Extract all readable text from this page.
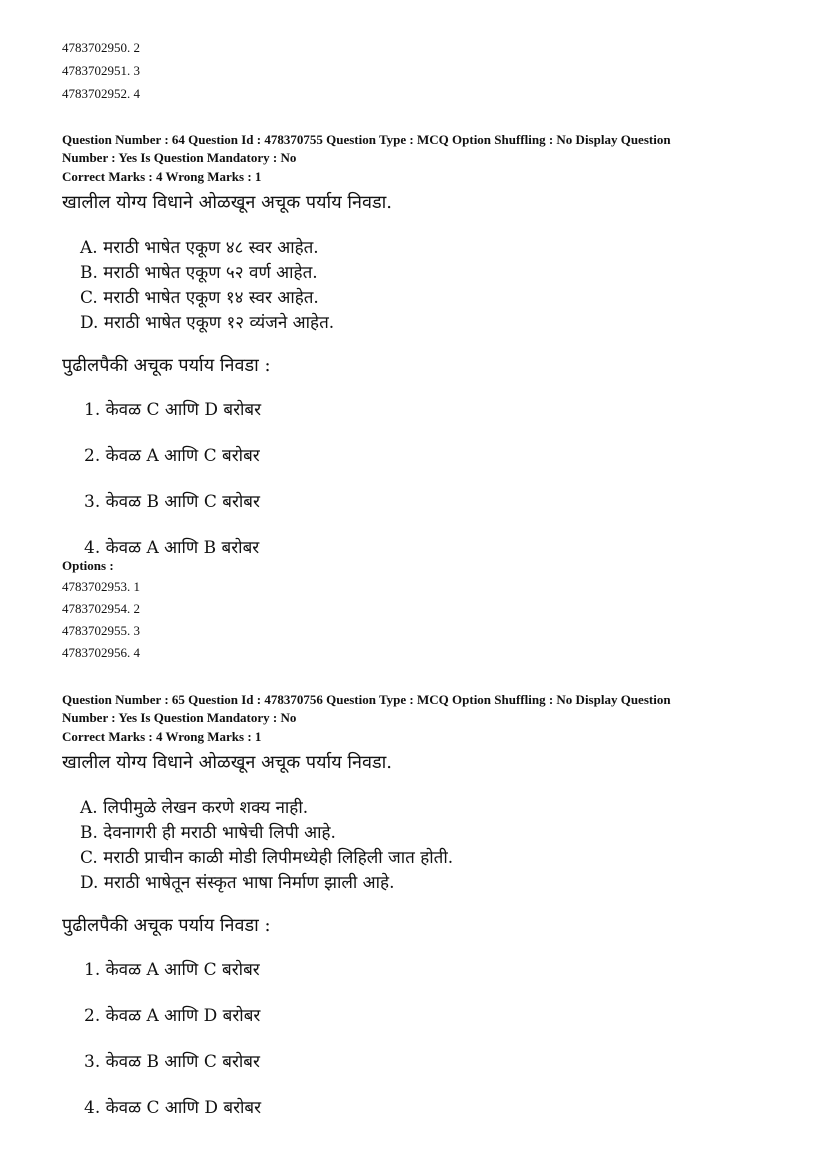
4783702950. 2

4783702951. 3

4783702952. 4

Question Number : 64 Question Id : 478370755 Question Type : MCQ Option Shuffling : No Display Question

Number : Yes Is Question Mandatory : No

Correct Marks : 4 Wrong Marks : 1

खालील योग्य विधाने ओळखून अचूक पर्याय निवडा.

A. मराठी भाषेत एकूण ४८ स्वर आहेत.

B. मराठी भाषेत एकूण ५२ वर्ण आहेत.

C. मराठी भाषेत एकूण १४ स्वर आहेत.

D. मराठी भाषेत एकूण १२ व्यंजने आहेत.

पुढीलपैकी अचूक पर्याय निवडा :

1. केवळ C आणि D बरोबर

2. केवळ A आणि C बरोबर

3. केवळ B आणि C बरोबर

4. केवळ A आणि B बरोबर

Options :

4783702953. 1

4783702954. 2

4783702955. 3

4783702956. 4

Question Number : 65 Question Id : 478370756 Question Type : MCQ Option Shuffling : No Display Question

Number : Yes Is Question Mandatory : No

Correct Marks : 4 Wrong Marks : 1

खालील योग्य विधाने ओळखून अचूक पर्याय निवडा.

A. लिपीमुळे लेखन करणे शक्य नाही.

B. देवनागरी ही मराठी भाषेची लिपी आहे.

C. मराठी प्राचीन काळी मोडी लिपीमध्येही लिहिली जात होती.

D. मराठी भाषेतून संस्कृत भाषा निर्माण झाली आहे.

पुढीलपैकी अचूक पर्याय निवडा :

1. केवळ A आणि C बरोबर

2. केवळ A आणि D बरोबर

3. केवळ B आणि C बरोबर

4. केवळ C आणि D बरोबर
